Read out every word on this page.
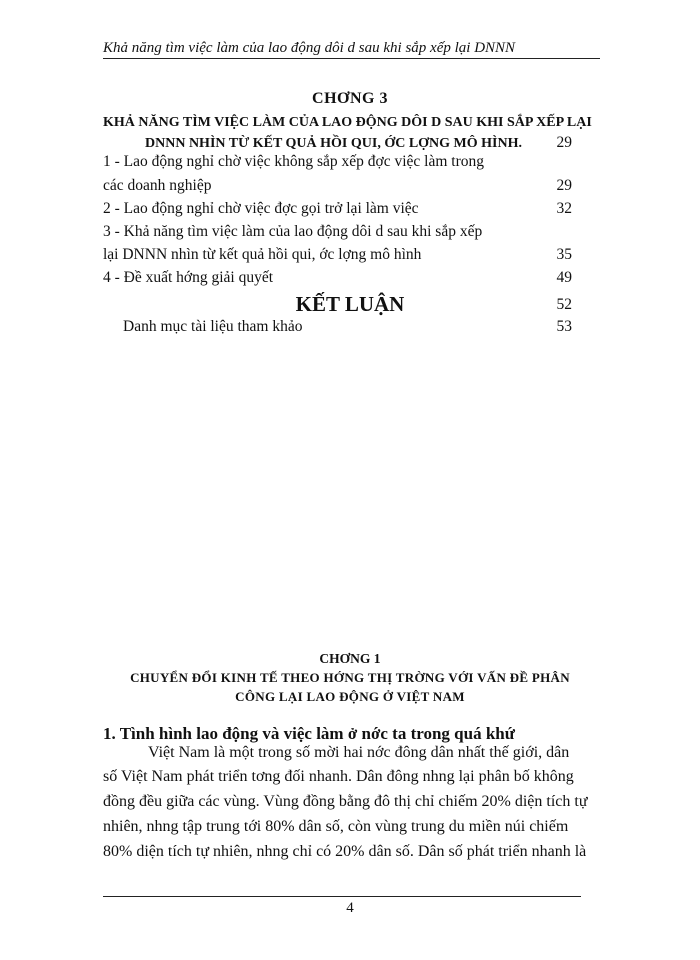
Khả năng tìm việc làm của lao động dôi d sau khi sắp xếp lại DNNN
CHƠNG 3
KHẢ NĂNG TÌM VIỆC LÀM CỦA LAO ĐỘNG DÔI D SAU KHI SẮP XẾP LẠI
DNNN NHÌN TỪ KẾT QUẢ HỒI QUI, ỚC LỢNG MÔ HÌNH.	29
1 - Lao động nghỉ chờ việc không sắp xếp đợc việc làm trong
các doanh nghiệp	29
2 - Lao động nghỉ chờ việc đợc gọi trở lại làm việc	32
3 - Khả năng tìm việc làm của lao động dôi d sau khi sắp xếp
lại DNNN nhìn từ kết quả hồi qui, ớc lợng mô hình	35
4 - Đề xuất hớng giải quyết	49
KẾT LUẬN	52
Danh mục tài liệu tham khảo	53
CHƠNG 1
CHUYỂN ĐỔI KINH TẾ THEO HỚNG THỊ TRỜNG VỚI VẤN ĐỀ PHÂN
CÔNG LẠI LAO ĐỘNG Ở VIỆT NAM
1. Tình hình lao động và việc làm ở nớc ta trong quá khứ
Việt Nam là một trong số mời hai nớc đông dân nhất thế giới, dân
số Việt Nam phát triển tơng đối nhanh. Dân đông nhng lại phân bố không
đồng đều giữa các vùng. Vùng đồng bằng đô thị chỉ chiếm 20% diện tích tự
nhiên, nhng tập trung tới 80% dân số, còn vùng trung du miền núi chiếm
80% diện tích tự nhiên, nhng chỉ có 20% dân số. Dân số phát triển nhanh là
4
